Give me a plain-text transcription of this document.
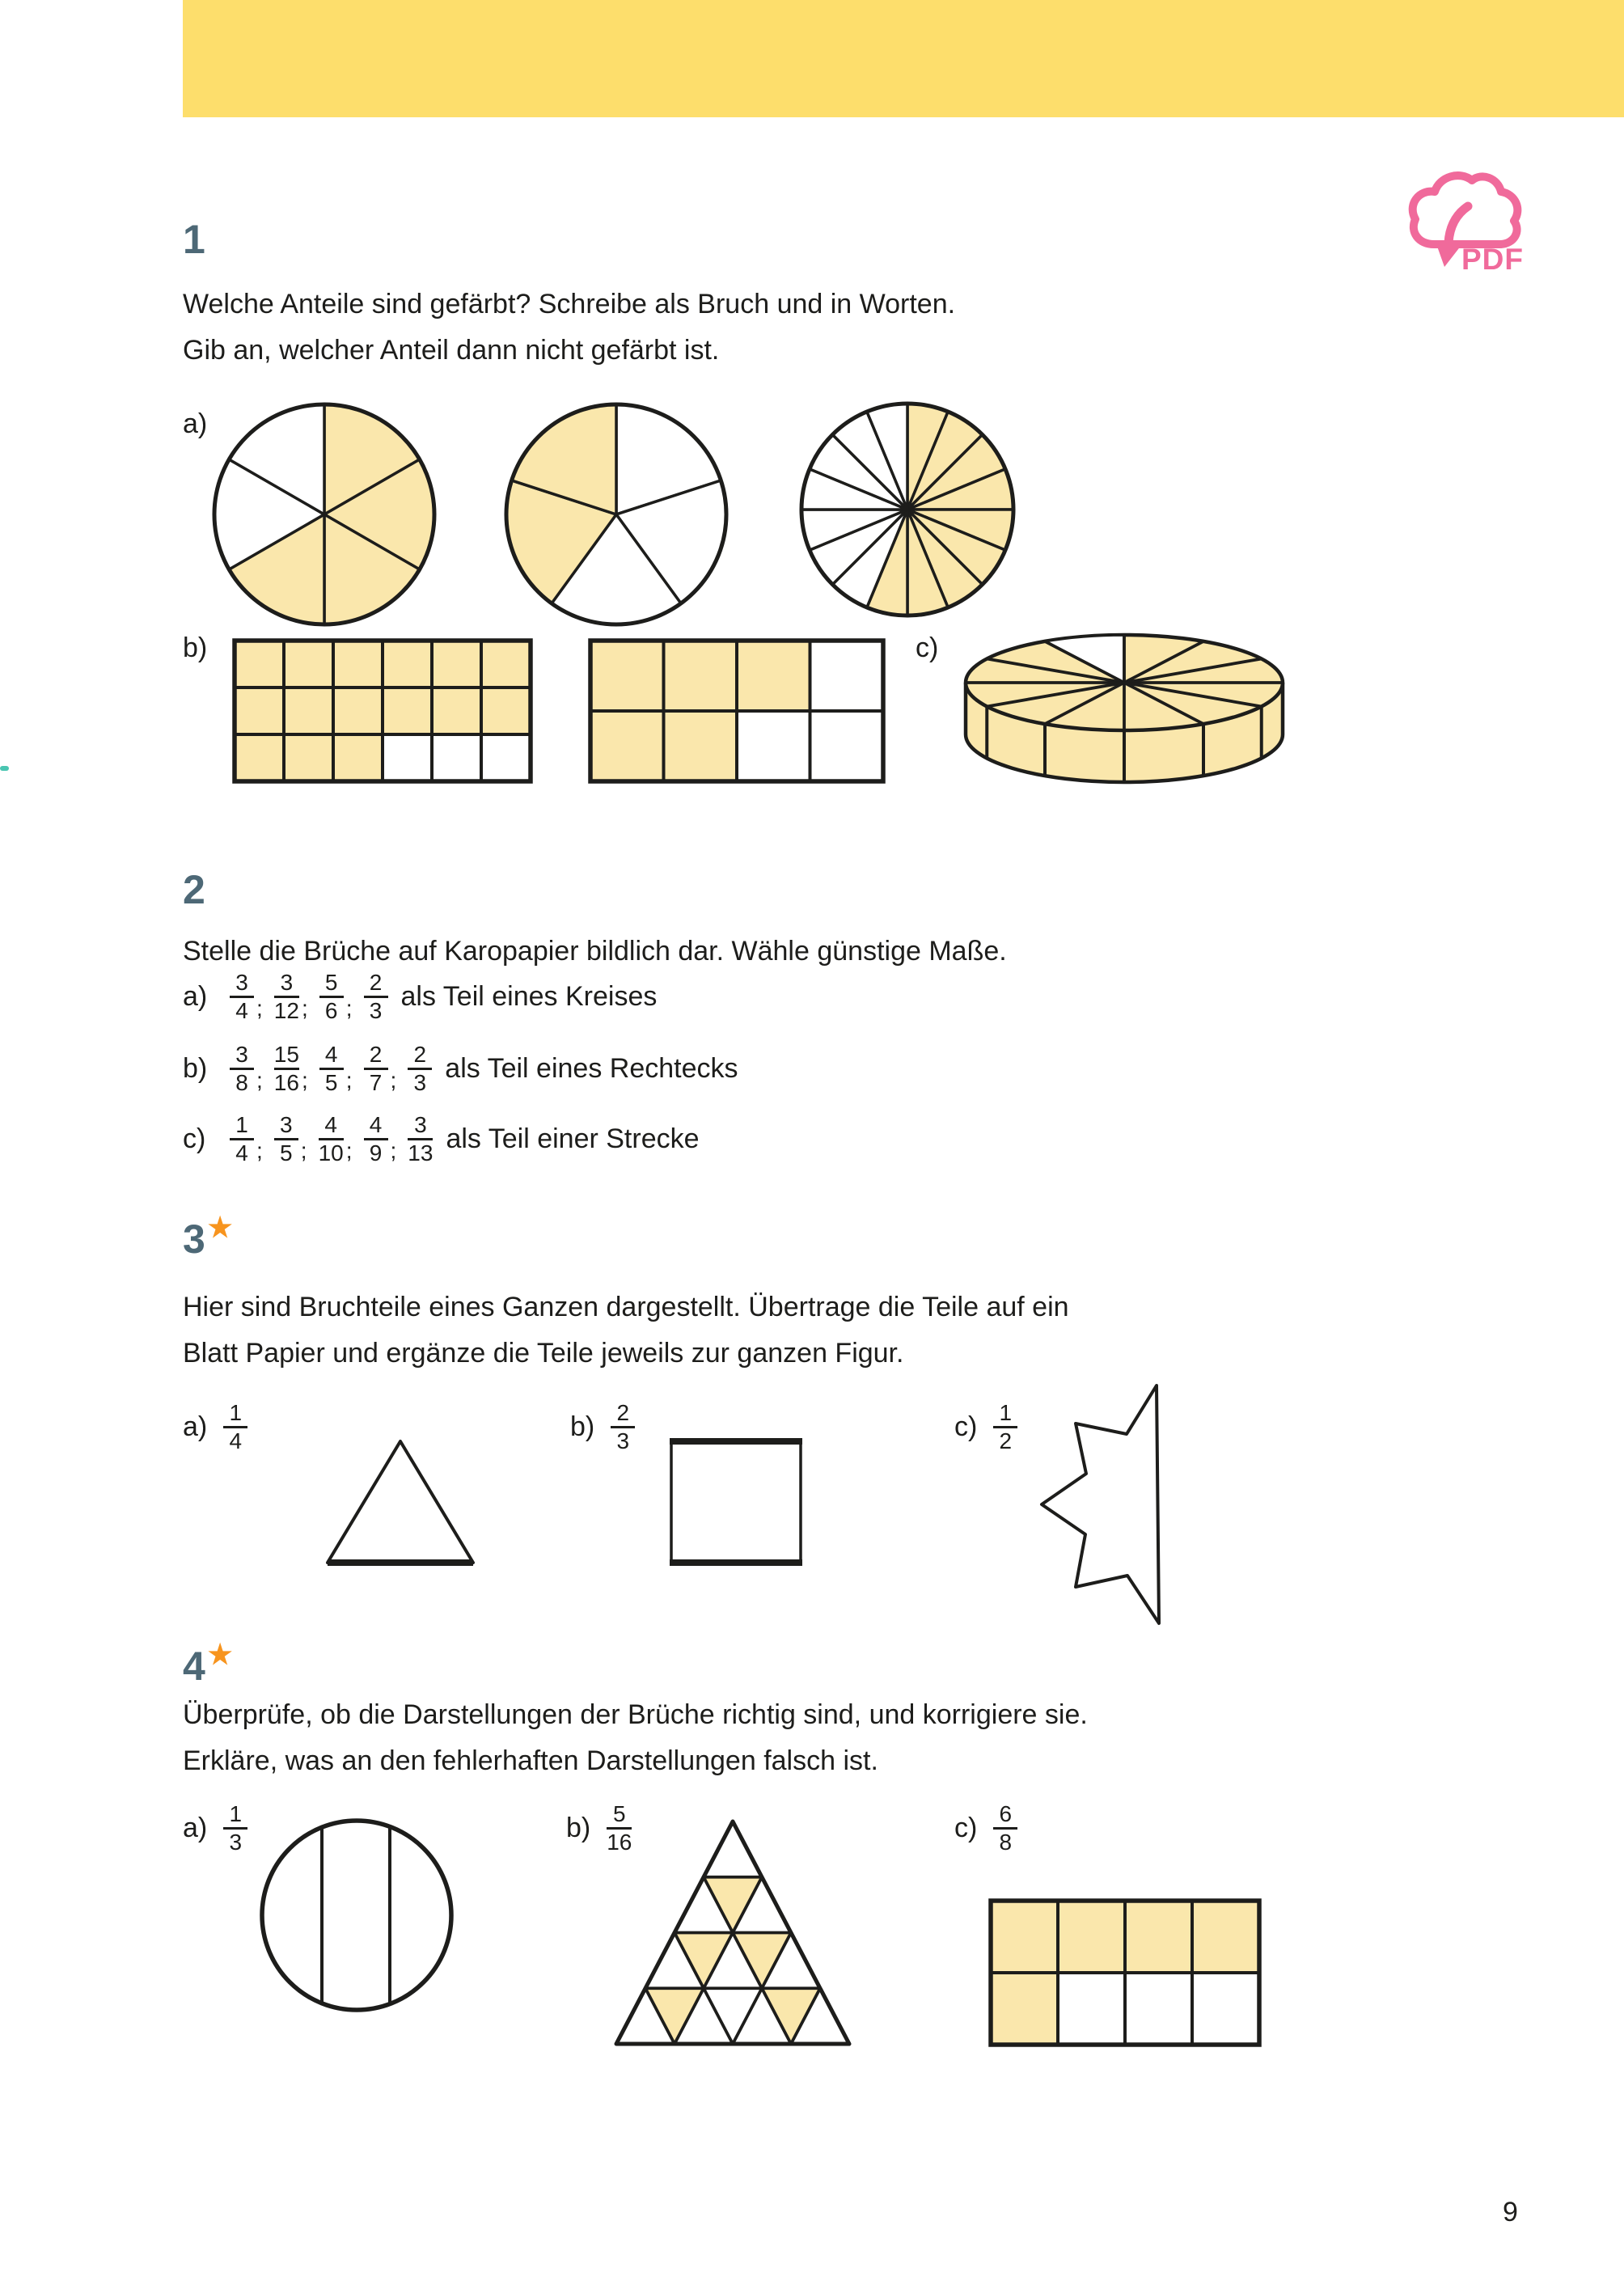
PDF
1
Welche Anteile sind gefärbt? Schreibe als Bruch und in Worten.
Gib an, welcher Anteil dann nicht gefärbt ist.
a)
b)	c)
2
Stelle die Brüche auf Karopapier bildlich dar. Wähle günstige Maße.
$a) \frac{3}{4}$ ; $\frac{3}{12}$ ; $\frac{5}{6}$ ; $\frac{2}{3}$ als Teil eines Kreises
$b) \frac{3}{8}$ ; $\frac{15}{16}$ ; $\frac{4}{5}$ ; $\frac{2}{7}$ ; $\frac{2}{3}$ als Teil eines Rechtecks
c)	$\frac{1}{4}$ ; $\frac{3}{5}$ ; $\frac{4}{10}$ ; $\frac{4}{9}$ ; $\frac{3}{13}$ als Teil einer Strecke
3★
Hier sind Bruchteile eines Ganzen dargestellt. Übertrage die Teile auf ein
Blatt Papier und ergänze die Teile jeweils zur ganzen Figur.
$a) \frac{1}{4}$	$b) \frac{2}{3}$	$c) \frac{1}{2}$
4★
Überprüfe, ob die Darstellungen der Brüche richtig sind, und korrigiere sie.
Erkläre, was an den fehlerhaften Darstellungen falsch ist.
$a) \frac{1}{3}$	$b) \frac{5}{16}$	$c) \frac{6}{8}$
9
